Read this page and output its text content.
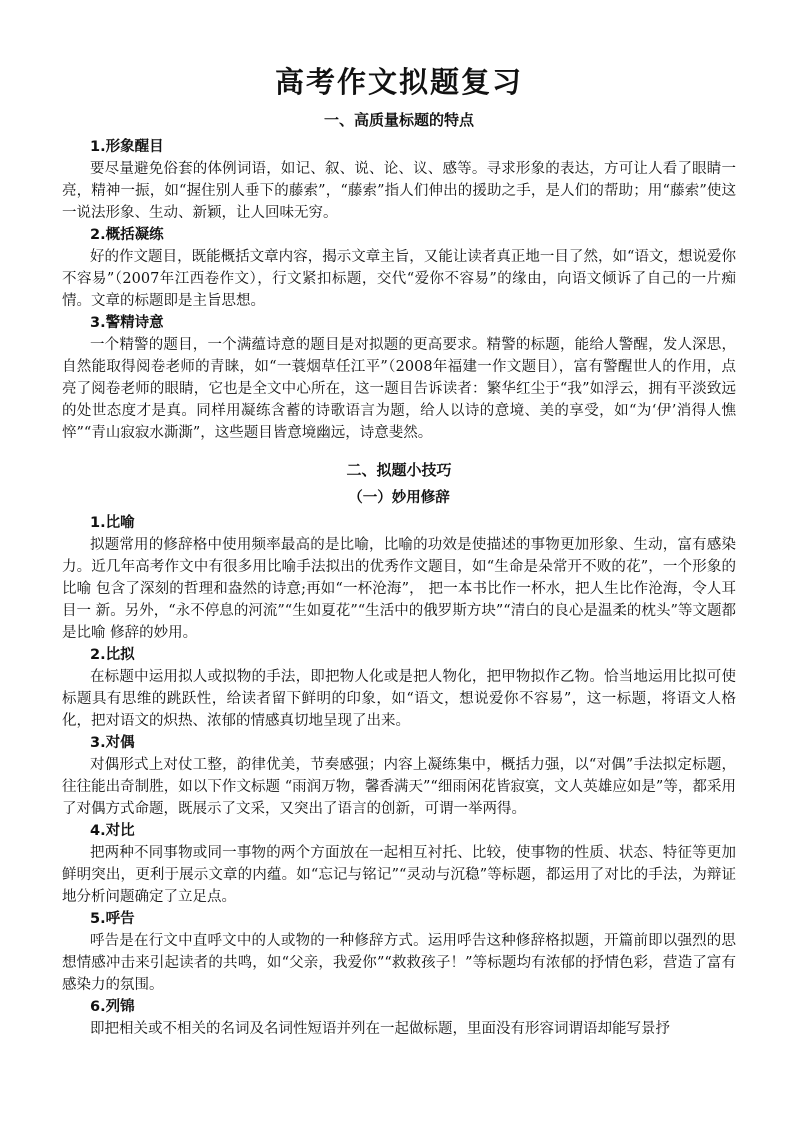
高考作文拟题复习
一、高质量标题的特点
1.形象醒目

要尽量避免俗套的体例词语，如记、叙、说、论、议、感等。寻求形象的表达，方可让人看了眼睛一亮，精神一振，如“握住别人垂下的藤索”，“藤索”指人们伸出的援助之手，是人们的帮助；用“藤索”使这一说法形象、生动、新颖，让人回味无穷。

2.概括凝练

好的作文题目，既能概括文章内容，揭示文章主旨，又能让读者真正地一目了然，如“语文，想说爱你不容易”（2007年江西卷作文），行文紧扣标题，交代“爱你不容易”的缘由，向语文倾诉了自己的一片痴情。文章的标题即是主旨思想。

3.警精诗意

一个精警的题目，一个满蕴诗意的题目是对拟题的更高要求。精警的标题，能给人警醒，发人深思，自然能取得阅卷老师的青睐，如“一蓑烟草任江平”（2008年福建一作文题目），富有警醒世人的作用，点亮了阅卷老师的眼睛，它也是全文中心所在，这一题目告诉读者：繁华红尘于“我”如浮云，拥有平淡致远的处世态度才是真。同样用凝练含蓄的诗歌语言为题，给人以诗的意境、美的享受，如“为‘伊’消得人憔悴”“青山寂寂水澌澌”，这些题目皆意境幽远，诗意斐然。

二、拟题小技巧
（一）妙用修辞
1.比喻

拟题常用的修辞格中使用频率最高的是比喻，比喻的功效是使描述的事物更加形象、生动，富有感染力。近几年高考作文中有很多用比喻手法拟出的优秀作文题目，如“生命是朵常开不败的花”，一个形象的比喻 包含了深刻的哲理和盎然的诗意;再如“一杯沧海”， 把一本书比作一杯水，把人生比作沧海，令人耳目一 新。另外，“永不停息的河流”“生如夏花”“生活中的俄罗斯方块”“清白的良心是温柔的枕头”等文题都是比喻 修辞的妙用。

2.比拟

在标题中运用拟人或拟物的手法，即把物人化或是把人物化，把甲物拟作乙物。恰当地运用比拟可使标题具有思维的跳跃性，给读者留下鲜明的印象，如“语文，想说爱你不容易”，这一标题，将语文人格化，把对语文的炽热、浓郁的情感真切地呈现了出来。

3.对偶

对偶形式上对仗工整，韵律优美，节奏感强；内容上凝练集中，概括力强，以“对偶”手法拟定标题，往往能出奇制胜，如以下作文标题 “雨润万物，馨香满天”“细雨闲花皆寂寞，文人英雄应如是”等，都采用了对偶方式命题，既展示了文采，又突出了语言的创新，可谓一举两得。

4.对比

把两种不同事物或同一事物的两个方面放在一起相互衬托、比较，使事物的性质、状态、特征等更加鲜明突出，更利于展示文章的内蕴。如“忘记与铭记”“灵动与沉稳”等标题，都运用了对比的手法，为辩证地分析问题确定了立足点。

5.呼告

呼告是在行文中直呼文中的人或物的一种修辞方式。运用呼告这种修辞格拟题，开篇前即以强烈的思想情感冲击来引起读者的共鸣，如“父亲，我爱你”“救救孩子！”等标题均有浓郁的抒情色彩，营造了富有感染力的氛围。

6.列锦

即把相关或不相关的名词及名词性短语并列在一起做标题，里面没有形容词谓语却能写景抒
